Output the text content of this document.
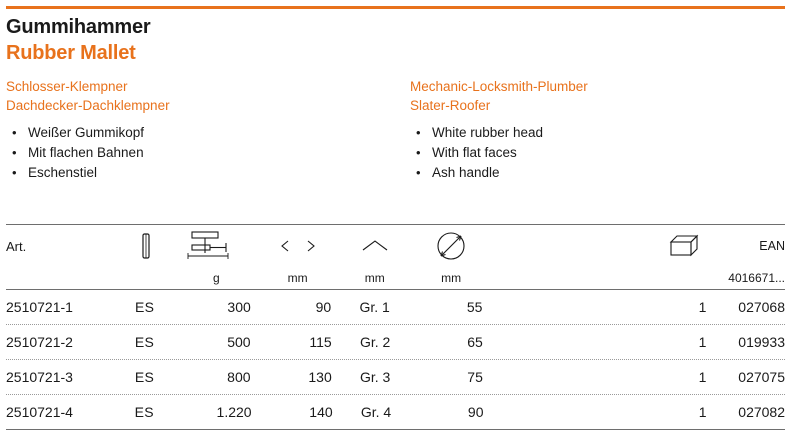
Gummihammer
Rubber Mallet
Schlosser-Klempner
Dachdecker-Dachklempner
Mechanic-Locksmith-Plumber
Slater-Roofer
• Weißer Gummikopf
• Mit flachen Bahnen
• Eschenstiel
• White rubber head
• With flat faces
• Ash handle
Art.								EAN
		g	mm	mm	mm			4016671...
2510721-1	ES	300	90	Gr. 1	55		1	027068
2510721-2	ES	500	115	Gr. 2	65		1	019933
2510721-3	ES	800	130	Gr. 3	75		1	027075
2510721-4	ES	1.220	140	Gr. 4	90		1	027082
